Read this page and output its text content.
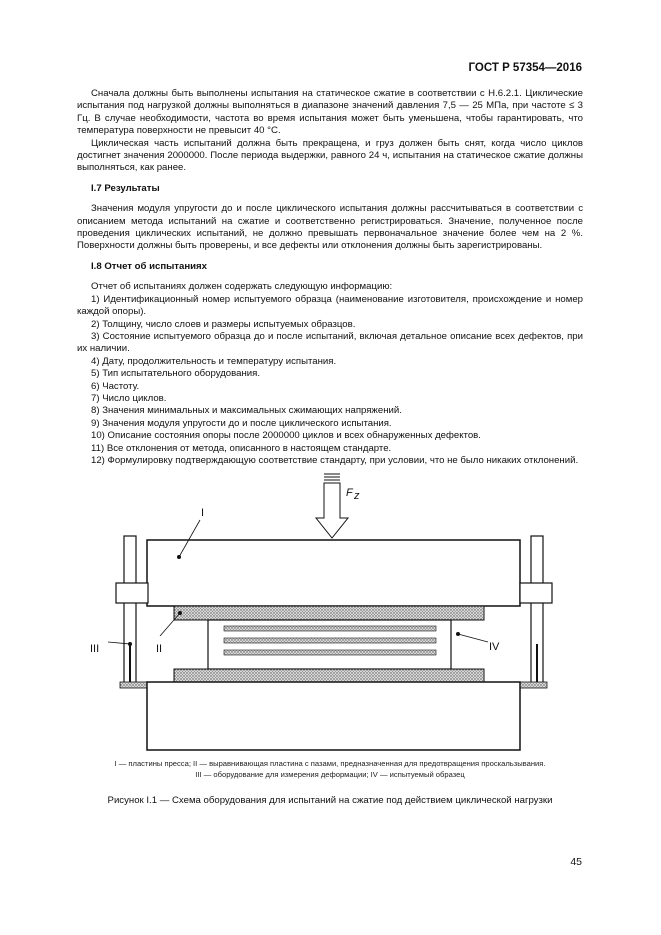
ГОСТ Р 57354—2016

Сначала должны быть выполнены испытания на статическое сжатие в соответствии с Н.6.2.1. Циклические испытания под нагрузкой должны выполняться в диапазоне значений давления 7,5 — 25 МПа, при частоте ≤ 3 Гц. В случае необходимости, частота во время испытания может быть уменьшена, чтобы гарантировать, что температура поверхности не превысит 40 °С.

Циклическая часть испытаний должна быть прекращена, и груз должен быть снят, когда число циклов достигнет значения 2000000. После периода выдержки, равного 24 ч, испытания на статическое сжатие должны выполняться, как ранее.

I.7 Результаты

Значения модуля упругости до и после циклического испытания должны рассчитываться в соответствии с описанием метода испытаний на сжатие и соответственно регистрироваться. Значение, полученное после проведения циклических испытаний, не должно превышать первоначальное значение более чем на 2 %. Поверхности должны быть проверены, и все дефекты или отклонения должны быть зарегистрированы.

I.8 Отчет об испытаниях

Отчет об испытаниях должен содержать следующую информацию:

1) Идентификационный номер испытуемого образца (наименование изготовителя, происхождение и номер каждой опоры).

2) Толщину, число слоев и размеры испытуемых образцов.

3) Состояние испытуемого образца до и после испытаний, включая детальное описание всех дефектов, при их наличии.

4) Дату, продолжительность и температуру испытания.

5) Тип испытательного оборудования.

6) Частоту.

7) Число циклов.

8) Значения минимальных и максимальных сжимающих напряжений.

9) Значения модуля упругости до и после циклического испытания.

10) Описание состояния опоры после 2000000 циклов и всех обнаруженных дефектов.

11) Все отклонения от метода, описанного в настоящем стандарте.

12) Формулировку подтверждающую соответствие стандарту, при условии, что не было никаких отклонений.

F z
I
III	II	IV
I — пластины пресса; II — выравнивающая пластина с пазами, предназначенная для предотвращения проскальзывания.
III — оборудование для измерения деформации; IV — испытуемый образец
Рисунок I.1 — Схема оборудования для испытаний на сжатие под действием циклической нагрузки
45
